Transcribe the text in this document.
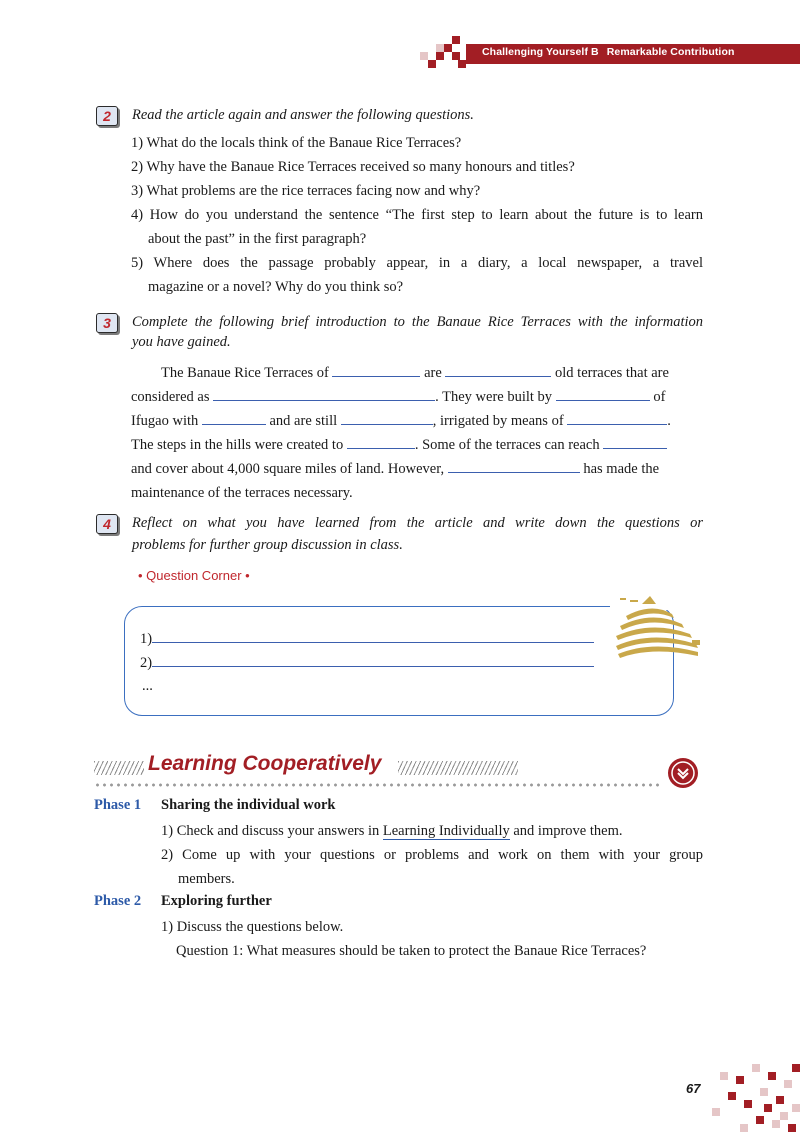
Challenging Yourself B Remarkable Contribution
2	Read the article again and answer the following questions.
1) What do the locals think of the Banaue Rice Terraces?
2) Why have the Banaue Rice Terraces received so many honours and titles?
3) What problems are the rice terraces facing now and why?
4) How do you understand the sentence “The first step to learn about the future is to learn
about the past” in the first paragraph?
5) Where does the passage probably appear, in a diary, a local newspaper, a travel
magazine or a novel? Why do you think so?
3	Complete the following brief introduction to the Banaue Rice Terraces with the information
you have gained.
The Banaue Rice Terraces of	are	old terraces that are
considered as	. They were built by	of
Ifugao with	and are still	, irrigated by means of	.
The steps in the hills were created to	. Some of the terraces can reach
and cover about 4,000 square miles of land. However,	has made the
maintenance of the terraces necessary.
4	Reflect on what you have learned from the article and write down the questions or
problems for further group discussion in class.
• Question Corner •
1)
2)
...
Learning Cooperatively
Phase 1 Sharing the individual work
1) Check and discuss your answers in Learning Individually and improve them.
2) Come up with your questions or problems and work on them with your group
members.
Phase 2 Exploring further
1) Discuss the questions below.
Question 1: What measures should be taken to protect the Banaue Rice Terraces?
67
